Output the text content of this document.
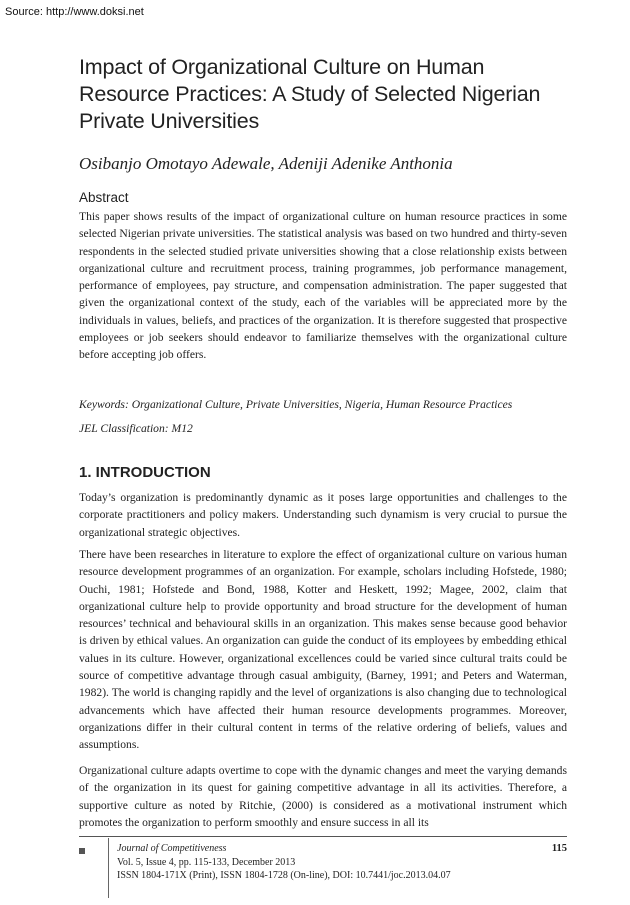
Source: http://www.doksi.net
Impact of Organizational Culture on Human Resource Practices: A Study of Selected Nigerian Private Universities
Osibanjo Omotayo Adewale, Adeniji Adenike Anthonia
Abstract

This paper shows results of the impact of organizational culture on human resource practices in some selected Nigerian private universities. The statistical analysis was based on two hundred and thirty-seven respondents in the selected studied private universities showing that a close relationship exists between organizational culture and recruitment process, training programmes, job performance management, performance of employees, pay structure, and compensation administration. The paper suggested that given the organizational context of the study, each of the variables will be appreciated more by the individuals in values, beliefs, and practices of the organization. It is therefore suggested that prospective employees or job seekers should endeavor to familiarize themselves with the organizational culture before accepting job offers.

Keywords: Organizational Culture, Private Universities, Nigeria, Human Resource Practices
JEL Classification: M12
1. INTRODUCTION

Today’s organization is predominantly dynamic as it poses large opportunities and challenges to the corporate practitioners and policy makers. Understanding such dynamism is very crucial to pursue the organizational strategic objectives.

There have been researches in literature to explore the effect of organizational culture on various human resource development programmes of an organization. For example, scholars including Hofstede, 1980; Ouchi, 1981; Hofstede and Bond, 1988, Kotter and Heskett, 1992; Magee, 2002, claim that organizational culture help to provide opportunity and broad structure for the development of human resources’ technical and behavioural skills in an organization. This makes sense because good behavior is driven by ethical values. An organization can guide the conduct of its employees by embedding ethical values in its culture. However, organizational excellences could be varied since cultural traits could be source of competitive advantage through casual ambiguity, (Barney, 1991; and Peters and Waterman, 1982). The world is changing rapidly and the level of organizations is also changing due to technological advancements which have affected their human resource developments programmes. Moreover, organizations differ in their cultural content in terms of the relative ordering of beliefs, values and assumptions.

Organizational culture adapts overtime to cope with the dynamic changes and meet the varying demands of the organization in its quest for gaining competitive advantage in all its activities. Therefore, a supportive culture as noted by Ritchie, (2000) is considered as a motivational instrument which promotes the organization to perform smoothly and ensure success in all its

Journal of Competitiveness
Vol. 5, Issue 4, pp. 115-133, December 2013
ISSN 1804-171X (Print), ISSN 1804-1728 (On-line), DOI: 10.7441/joc.2013.04.07
115
